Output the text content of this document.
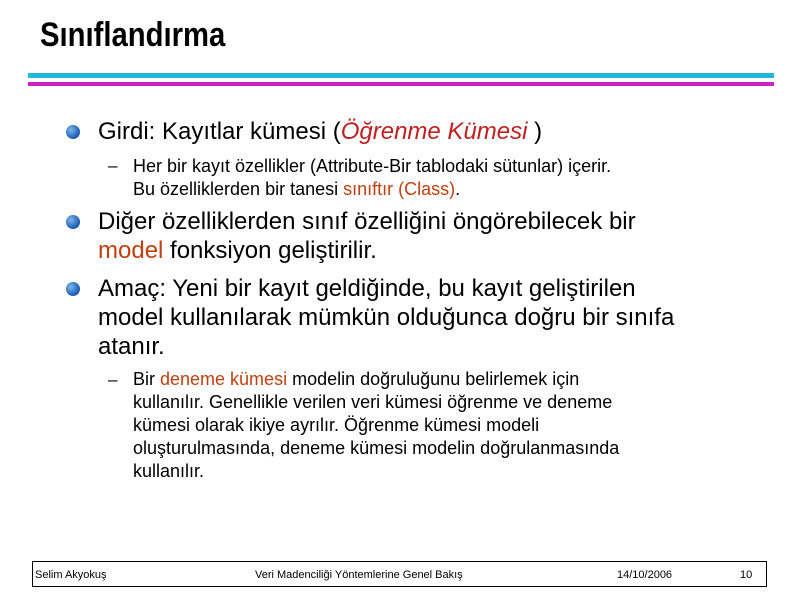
Sınıflandırma
Girdi: Kayıtlar kümesi (Öğrenme Kümesi )
– Her bir kayıt özellikler (Attribute-Bir tablodaki sütunlar) içerir.
Bu özelliklerden bir tanesi sınıftır (Class).
Diğer özelliklerden sınıf özelliğini öngörebilecek bir
model fonksiyon geliştirilir.
Amaç: Yeni bir kayıt geldiğinde, bu kayıt geliştirilen
model kullanılarak mümkün olduğunca doğru bir sınıfa
atanır.
– Bir deneme kümesi modelin doğruluğunu belirlemek için
kullanılır. Genellikle verilen veri kümesi öğrenme ve deneme
kümesi olarak ikiye ayrılır. Öğrenme kümesi modeli
oluşturulmasında, deneme kümesi modelin doğrulanmasında
kullanılır.
Selim Akyokuş	Veri Madenciliği Yöntemlerine Genel Bakış	14/10/2006	10
